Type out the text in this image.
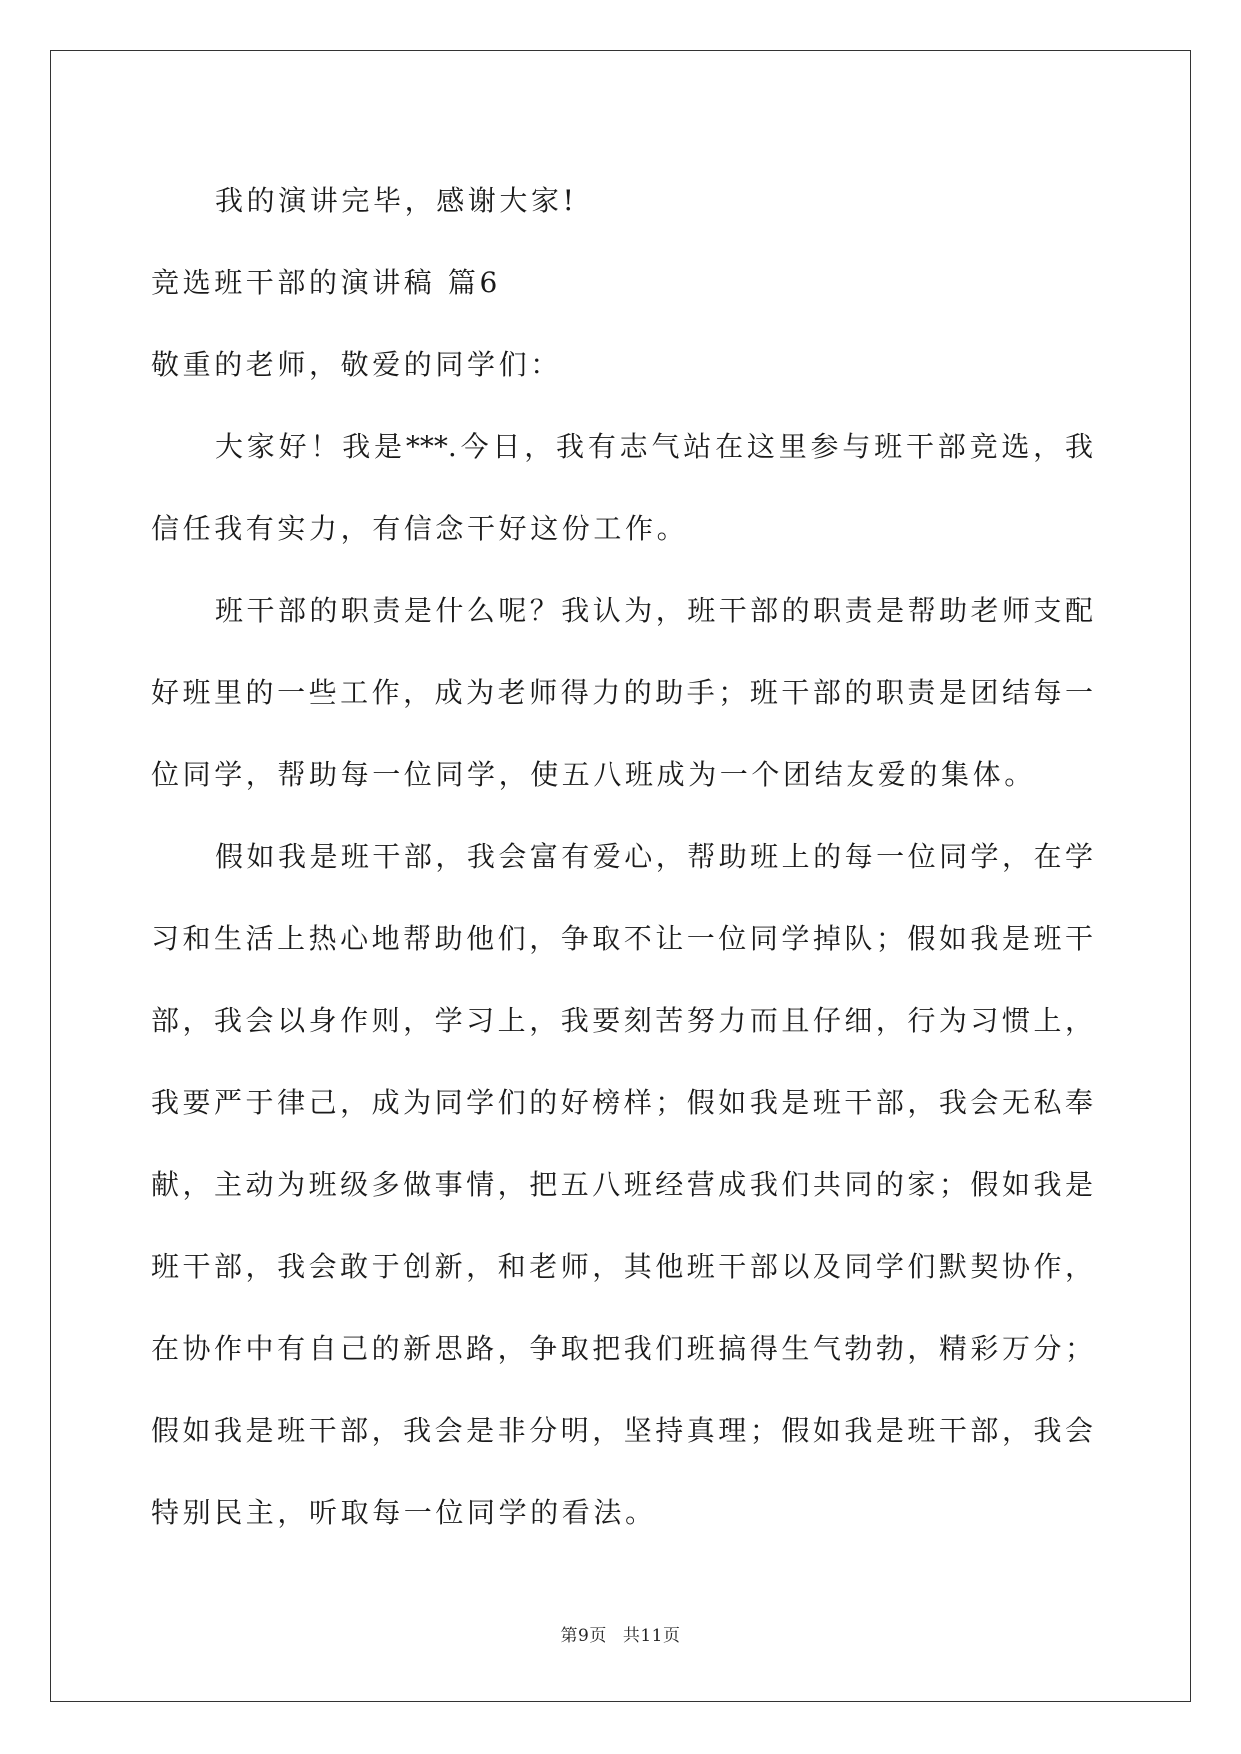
我的演讲完毕，感谢大家!
竞选班干部的演讲稿 篇6
敬重的老师，敬爱的同学们：
大家好！我是***.今日，我有志气站在这里参与班干部竞选，我
信任我有实力，有信念干好这份工作。
班干部的职责是什么呢？我认为，班干部的职责是帮助老师支配
好班里的一些工作，成为老师得力的助手；班干部的职责是团结每一
位同学，帮助每一位同学，使五八班成为一个团结友爱的集体。
假如我是班干部，我会富有爱心，帮助班上的每一位同学，在学
习和生活上热心地帮助他们，争取不让一位同学掉队；假如我是班干
部，我会以身作则，学习上，我要刻苦努力而且仔细，行为习惯上，
我要严于律己，成为同学们的好榜样；假如我是班干部，我会无私奉
献，主动为班级多做事情，把五八班经营成我们共同的家；假如我是
班干部，我会敢于创新，和老师，其他班干部以及同学们默契协作，
在协作中有自己的新思路，争取把我们班搞得生气勃勃，精彩万分；
假如我是班干部，我会是非分明，坚持真理；假如我是班干部，我会
特别民主，听取每一位同学的看法。
第9页 共11页
